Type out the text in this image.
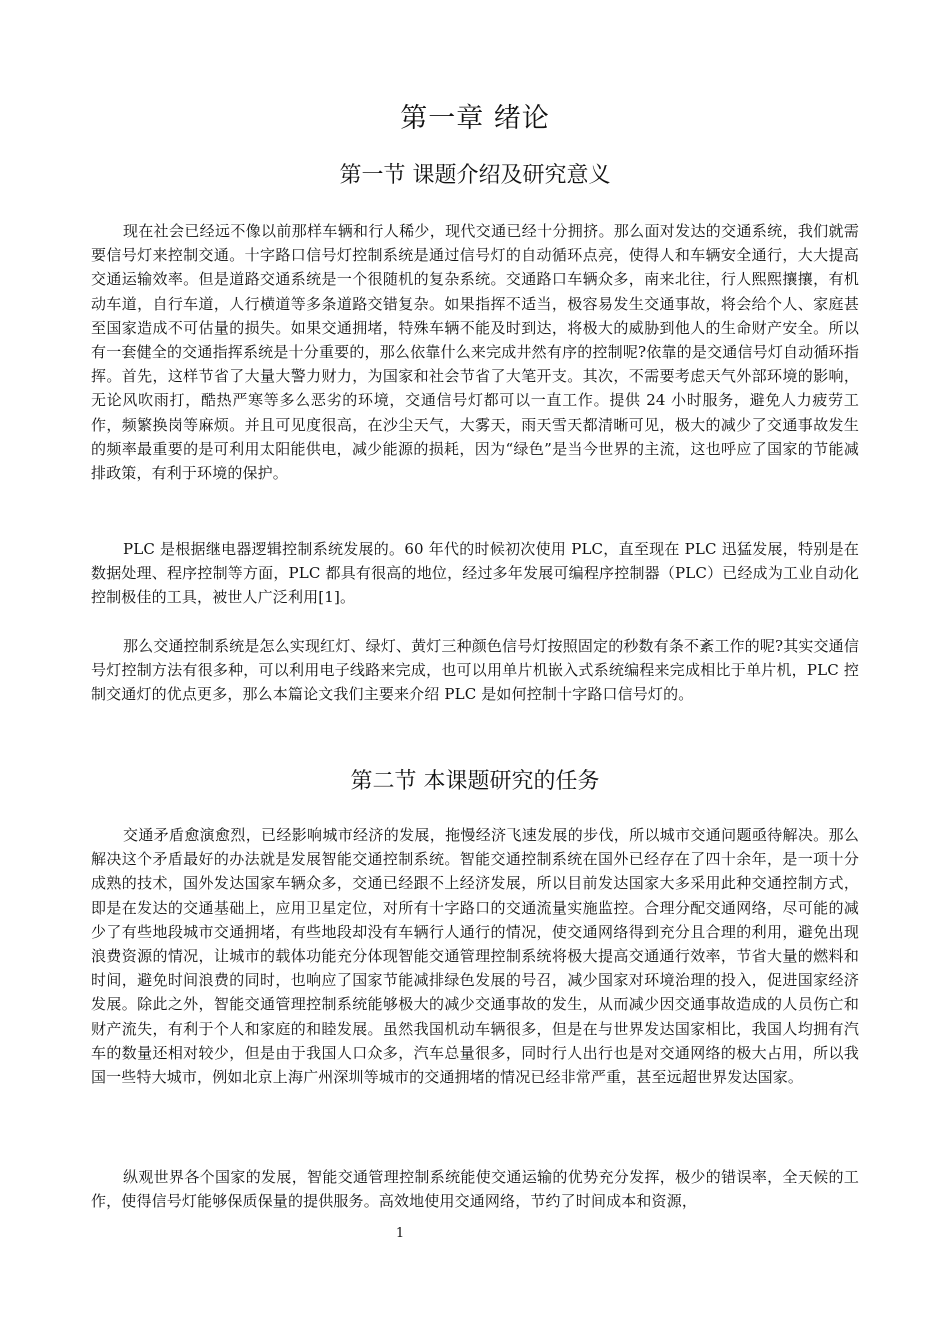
第一章 绪论
第一节 课题介绍及研究意义

现在社会已经远不像以前那样车辆和行人稀少，现代交通已经十分拥挤。那么面对发达的交通系统，我们就需要信号灯来控制交通。十字路口信号灯控制系统是通过信号灯的自动循环点亮，使得人和车辆安全通行，大大提高交通运输效率。但是道路交通系统是一个很随机的复杂系统。交通路口车辆众多，南来北往，行人熙熙攘攘，有机动车道，自行车道，人行横道等多条道路交错复杂。如果指挥不适当，极容易发生交通事故，将会给个人、家庭甚至国家造成不可估量的损失。如果交通拥堵，特殊车辆不能及时到达，将极大的威胁到他人的生命财产安全。所以有一套健全的交通指挥系统是十分重要的，那么依靠什么来完成井然有序的控制呢?依靠的是交通信号灯自动循环指挥。首先，这样节省了大量大警力财力，为国家和社会节省了大笔开支。其次，不需要考虑天气外部环境的影响，无论风吹雨打，酷热严寒等多么恶劣的环境，交通信号灯都可以一直工作。提供 24 小时服务，避免人力疲劳工作，频繁换岗等麻烦。并且可见度很高，在沙尘天气，大雾天，雨天雪天都清晰可见，极大的减少了交通事故发生的频率最重要的是可利用太阳能供电，减少能源的损耗，因为“绿色”是当今世界的主流，这也呼应了国家的节能减排政策，有利于环境的保护。

PLC 是根据继电器逻辑控制系统发展的。60 年代的时候初次使用 PLC，直至现在 PLC 迅猛发展，特别是在数据处理、程序控制等方面，PLC 都具有很高的地位，经过多年发展可编程序控制器（PLC）已经成为工业自动化控制极佳的工具，被世人广泛利用[1]。

那么交通控制系统是怎么实现红灯、绿灯、黄灯三种颜色信号灯按照固定的秒数有条不紊工作的呢?其实交通信号灯控制方法有很多种，可以利用电子线路来完成，也可以用单片机嵌入式系统编程来完成相比于单片机，PLC 控制交通灯的优点更多，那么本篇论文我们主要来介绍 PLC 是如何控制十字路口信号灯的。

第二节 本课题研究的任务

交通矛盾愈演愈烈，已经影响城市经济的发展，拖慢经济飞速发展的步伐，所以城市交通问题亟待解决。那么解决这个矛盾最好的办法就是发展智能交通控制系统。智能交通控制系统在国外已经存在了四十余年，是一项十分成熟的技术，国外发达国家车辆众多，交通已经跟不上经济发展，所以目前发达国家大多采用此种交通控制方式，即是在发达的交通基础上，应用卫星定位，对所有十字路口的交通流量实施监控。合理分配交通网络，尽可能的减少了有些地段城市交通拥堵，有些地段却没有车辆行人通行的情况，使交通网络得到充分且合理的利用，避免出现浪费资源的情况，让城市的载体功能充分体现智能交通管理控制系统将极大提高交通通行效率，节省大量的燃料和时间，避免时间浪费的同时，也响应了国家节能减排绿色发展的号召，减少国家对环境治理的投入，促进国家经济发展。除此之外，智能交通管理控制系统能够极大的减少交通事故的发生，从而减少因交通事故造成的人员伤亡和财产流失，有利于个人和家庭的和睦发展。虽然我国机动车辆很多，但是在与世界发达国家相比，我国人均拥有汽车的数量还相对较少，但是由于我国人口众多，汽车总量很多，同时行人出行也是对交通网络的极大占用，所以我国一些特大城市，例如北京上海广州深圳等城市的交通拥堵的情况已经非常严重，甚至远超世界发达国家。

纵观世界各个国家的发展，智能交通管理控制系统能使交通运输的优势充分发挥，极少的错误率，全天候的工作，使得信号灯能够保质保量的提供服务。高效地使用交通网络，节约了时间成本和资源，

1
